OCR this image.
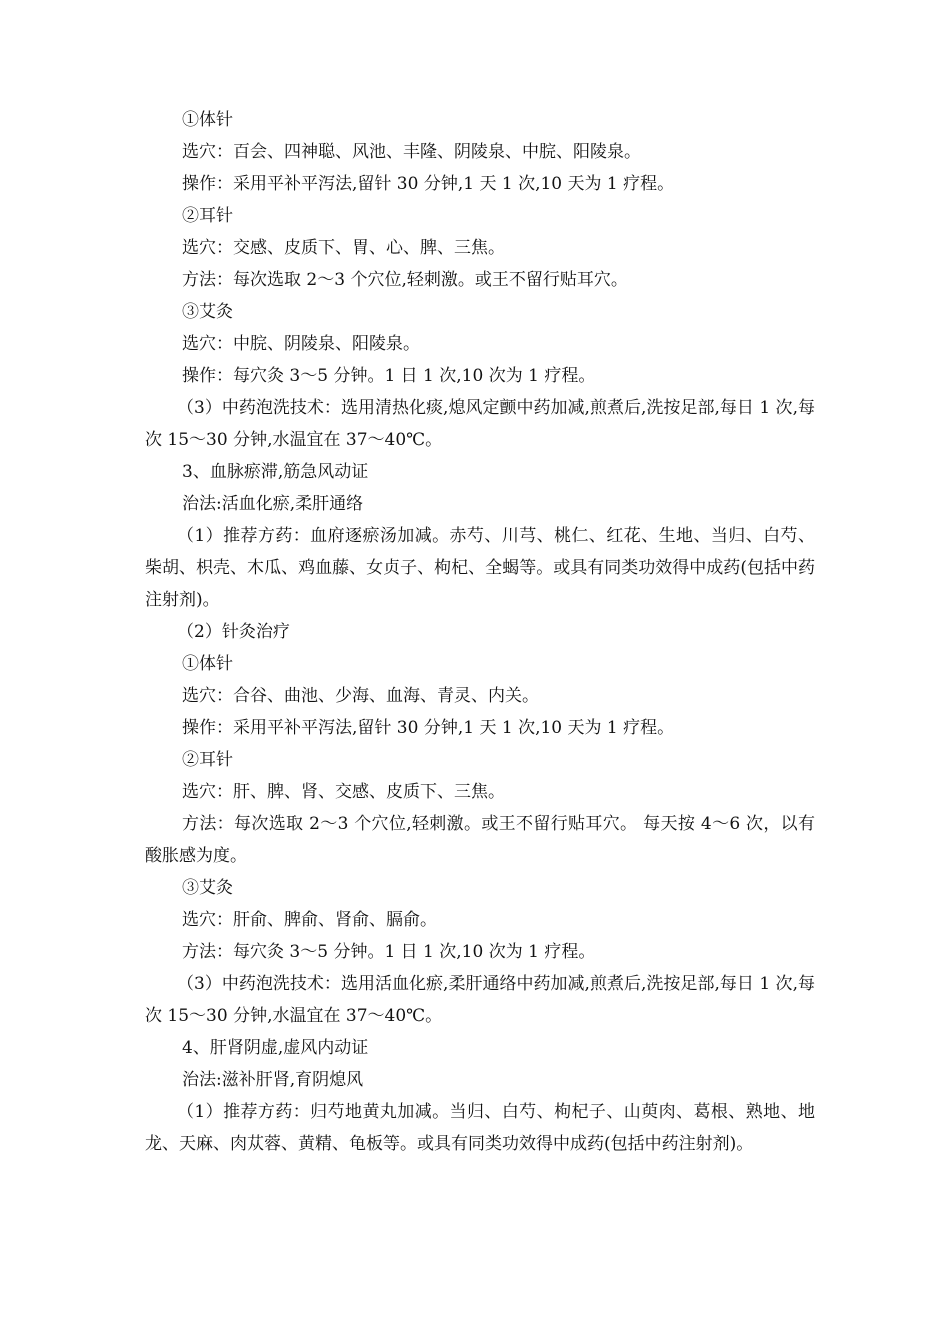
①体针
选穴：百会、四神聪、风池、丰隆、阴陵泉、中脘、阳陵泉。
操作：采用平补平泻法,留针 30 分钟,1 天 1 次,10 天为 1 疗程。
②耳针
选穴：交感、皮质下、胃、心、脾、三焦。
方法：每次选取 2～3 个穴位,轻刺激。或王不留行贴耳穴。
③艾灸
选穴：中脘、阴陵泉、阳陵泉。
操作：每穴灸 3～5 分钟。1 日 1 次,10 次为 1 疗程。
（3）中药泡洗技术：选用清热化痰,熄风定颤中药加减,煎煮后,洗按足部,每日 1 次,每次 15～30 分钟,水温宜在 37～40℃。
3、血脉瘀滞,筋急风动证
治法:活血化瘀,柔肝通络
（1）推荐方药：血府逐瘀汤加减。赤芍、川芎、桃仁、红花、生地、当归、白芍、柴胡、枳壳、木瓜、鸡血藤、女贞子、枸杞、全蝎等。或具有同类功效得中成药(包括中药注射剂)。
（2）针灸治疗
①体针
选穴：合谷、曲池、少海、血海、青灵、内关。
操作：采用平补平泻法,留针 30 分钟,1 天 1 次,10 天为 1 疗程。
②耳针
选穴：肝、脾、肾、交感、皮质下、三焦。
方法：每次选取 2～3 个穴位,轻刺激。或王不留行贴耳穴。 每天按 4～6 次，以有酸胀感为度。
③艾灸
选穴：肝俞、脾俞、肾俞、膈俞。
方法：每穴灸 3～5 分钟。1 日 1 次,10 次为 1 疗程。
（3）中药泡洗技术：选用活血化瘀,柔肝通络中药加减,煎煮后,洗按足部,每日 1 次,每次 15～30 分钟,水温宜在 37～40℃。
4、肝肾阴虚,虚风内动证
治法:滋补肝肾,育阴熄风
（1）推荐方药：归芍地黄丸加减。当归、白芍、枸杞子、山萸肉、葛根、熟地、地龙、天麻、肉苁蓉、黄精、龟板等。或具有同类功效得中成药(包括中药注射剂)。
